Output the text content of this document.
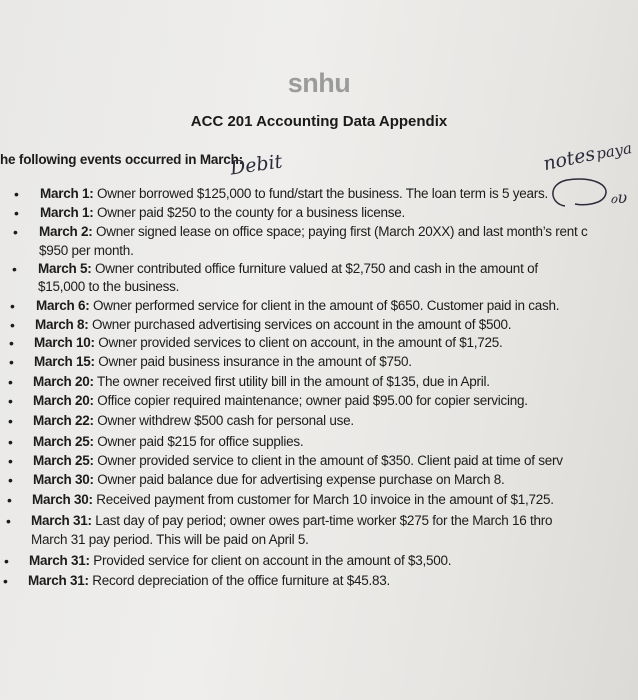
snhu
ACC 201 Accounting Data Appendix
he following events occurred in March:
Debit	notes
paya
ℴυ
• March 1: Owner borrowed $125,000 to fund/start the business. The loan term is 5 years.
• March 1: Owner paid $250 to the county for a business license.
• March 2: Owner signed lease on office space; paying first (March 20XX) and last month’s rent c
$950 per month.
• March 5: Owner contributed office furniture valued at $2,750 and cash in the amount of
$15,000 to the business.
• March 6: Owner performed service for client in the amount of $650. Customer paid in cash.
• March 8: Owner purchased advertising services on account in the amount of $500.
• March 10: Owner provided services to client on account, in the amount of $1,725.
• March 15: Owner paid business insurance in the amount of $750.
• March 20: The owner received first utility bill in the amount of $135, due in April.
• March 20: Office copier required maintenance; owner paid $95.00 for copier servicing.
• March 22: Owner withdrew $500 cash for personal use.
• March 25: Owner paid $215 for office supplies.
• March 25: Owner provided service to client in the amount of $350. Client paid at time of serv
• March 30: Owner paid balance due for advertising expense purchase on March 8.
• March 30: Received payment from customer for March 10 invoice in the amount of $1,725.
• March 31: Last day of pay period; owner owes part-time worker $275 for the March 16 thro
March 31 pay period. This will be paid on April 5.
• March 31: Provided service for client on account in the amount of $3,500.
• March 31: Record depreciation of the office furniture at $45.83.
